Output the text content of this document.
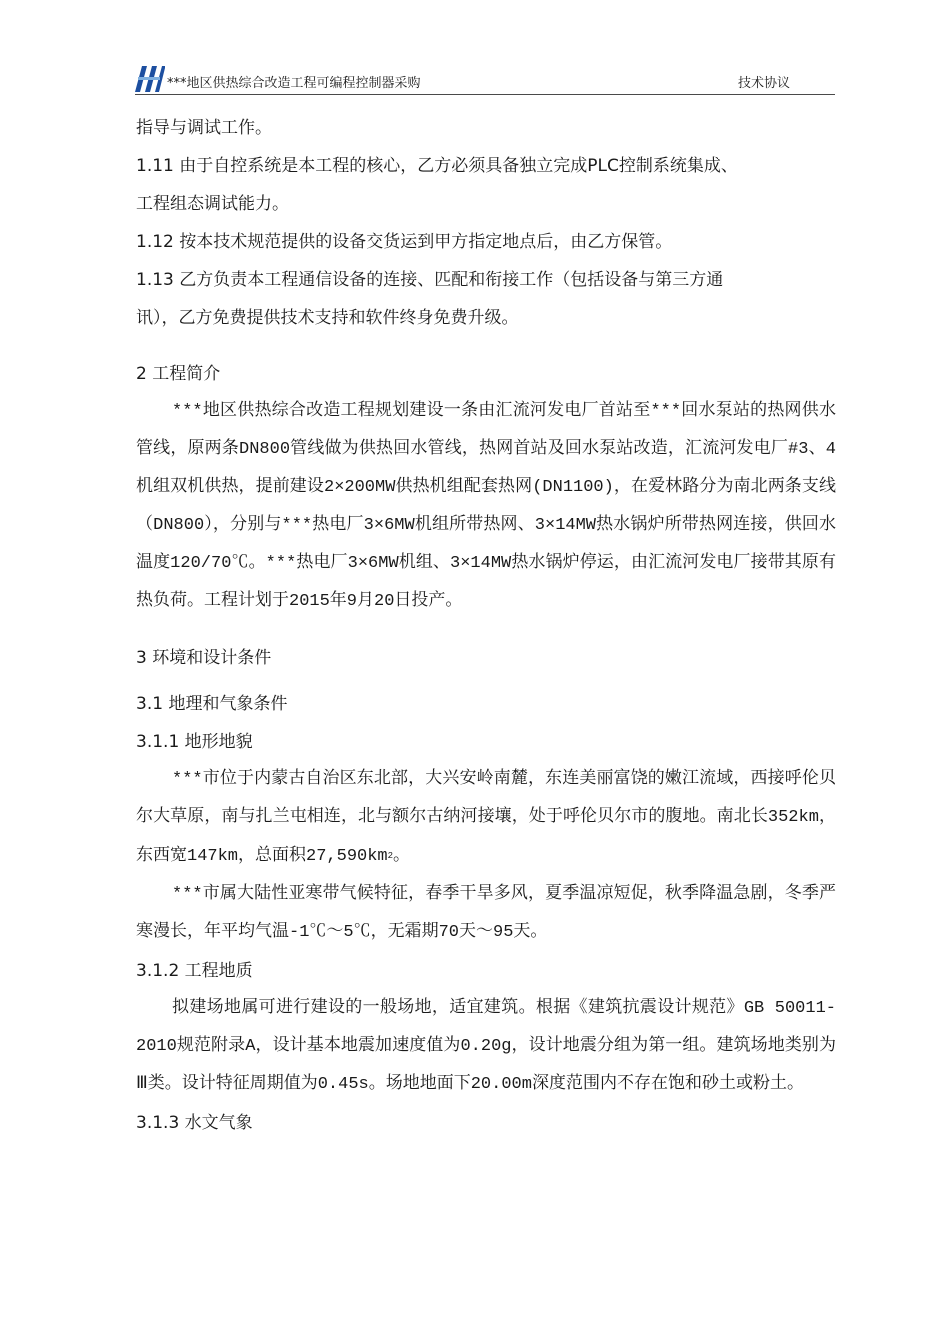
***地区供热综合改造工程可编程控制器采购	技术协议

指导与调试工作。

1.11 由于自控系统是本工程的核心，乙方必须具备独立完成PLC控制系统集成、

工程组态调试能力。

1.12 按本技术规范提供的设备交货运到甲方指定地点后，由乙方保管。

1.13 乙方负责本工程通信设备的连接、匹配和衔接工作（包括设备与第三方通

讯），乙方免费提供技术支持和软件终身免费升级。

2 工程简介

***地区供热综合改造工程规划建设一条由汇流河发电厂首站至***回水泵站的热网供水管线，原两条DN800管线做为供热回水管线，热网首站及回水泵站改造，汇流河发电厂#3、4机组双机供热，提前建设2×200MW供热机组配套热网(DN1100)，在爱林路分为南北两条支线（DN800），分别与***热电厂3×6MW机组所带热网、3×14MW热水锅炉所带热网连接，供回水温度120/70℃。***热电厂3×6MW机组、3×14MW热水锅炉停运，由汇流河发电厂接带其原有热负荷。工程计划于2015年9月20日投产。

3 环境和设计条件

3.1 地理和气象条件

3.1.1 地形地貌

***市位于内蒙古自治区东北部，大兴安岭南麓，东连美丽富饶的嫩江流域，西接呼伦贝尔大草原，南与扎兰屯相连，北与额尔古纳河接壤，处于呼伦贝尔市的腹地。南北长352km，东西宽147km，总面积$27,590km_2$。

***市属大陆性亚寒带气候特征，春季干旱多风，夏季温凉短促，秋季降温急剧，冬季严寒漫长，年平均气温-1℃～5℃，无霜期70天～95天。

3.1.2 工程地质

拟建场地属可进行建设的一般场地，适宜建筑。根据《建筑抗震设计规范》GB 50011-2010规范附录A，设计基本地震加速度值为0.20g，设计地震分组为第一组。建筑场地类别为Ⅲ类。设计特征周期值为0.45s。场地地面下20.00m深度范围内不存在饱和砂土或粉土。

3.1.3 水文气象
